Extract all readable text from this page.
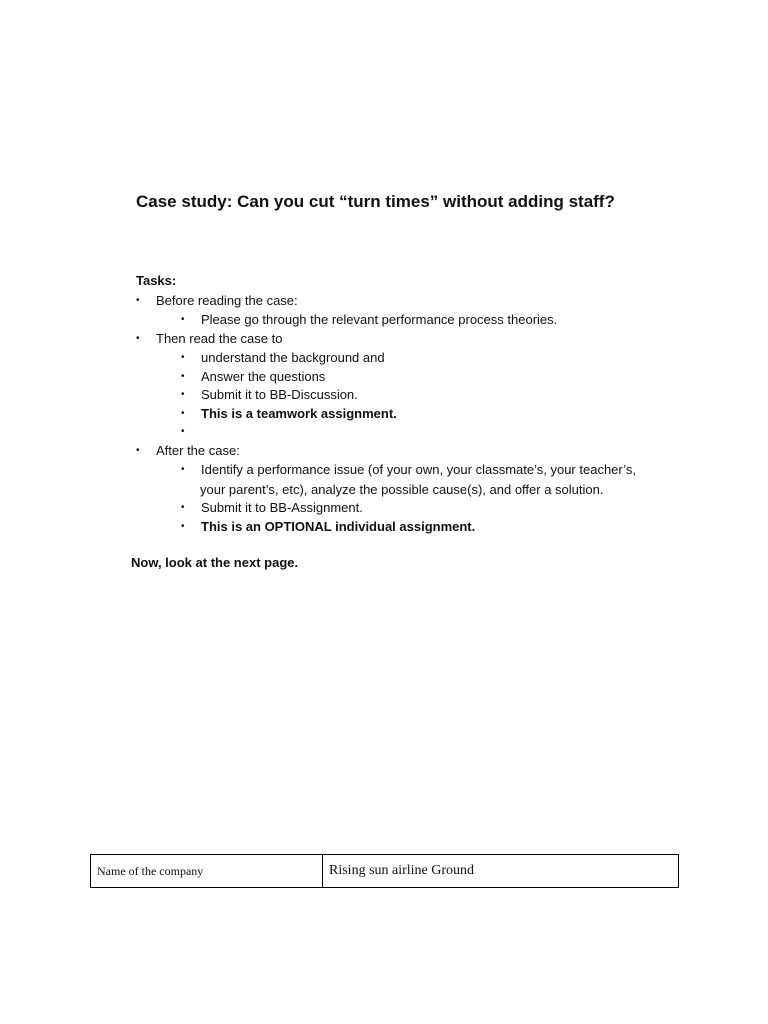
Case study: Can you cut “turn times” without adding staff?
Tasks:
• Before reading the case:
• Please go through the relevant performance process theories.
• Then read the case to
• understand the background and
• Answer the questions
• Submit it to BB-Discussion.
• This is a teamwork assignment.
•
• After the case:
• Identify a performance issue (of your own, your classmate’s, your teacher’s,
your parent’s, etc), analyze the possible cause(s), and offer a solution.
• Submit it to BB-Assignment.
• This is an OPTIONAL individual assignment.
Now, look at the next page.
Name of the company	Rising sun airline Ground
